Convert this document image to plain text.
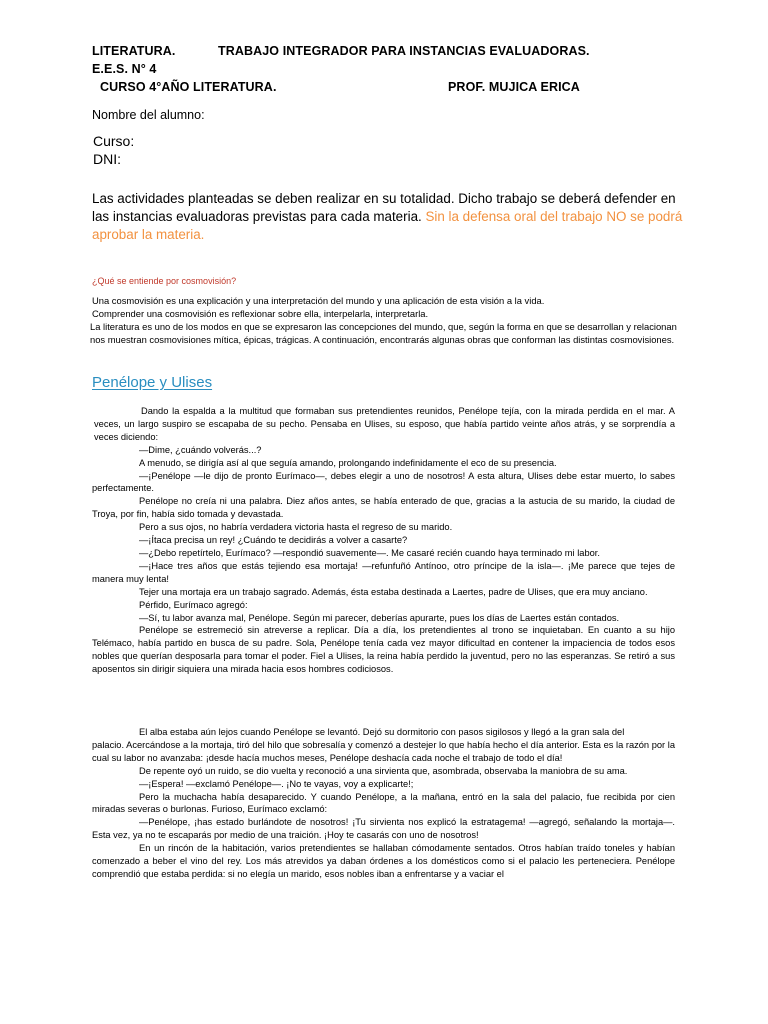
LITERATURA.	TRABAJO INTEGRADOR PARA INSTANCIAS EVALUADORAS.
E.E.S. N° 4
CURSO 4°AÑO LITERATURA.	PROF. MUJICA ERICA
Nombre del alumno:
Curso:
DNI:
Las actividades planteadas se deben realizar en su totalidad. Dicho trabajo se deberá defender en las instancias evaluadoras previstas para cada materia. Sin la defensa oral del trabajo NO se podrá aprobar la materia.
¿Qué se entiende por cosmovisión?

Una cosmovisión es una explicación y una interpretación del mundo y una aplicación de esta visión a la vida.

Comprender una cosmovisión es reflexionar sobre ella, interpelarla, interpretarla.

La literatura es uno de los modos en que se expresaron las concepciones del mundo, que, según la forma en que se desarrollan y relacionan nos muestran cosmovisiones mítica, épicas, trágicas. A continuación, encontrarás algunas obras que conforman las distintas cosmovisiones.

Penélope y Ulises

Dando la espalda a la multitud que formaban sus pretendientes reunidos, Penélope tejía, con la mirada perdida en el mar. A veces, un largo suspiro se escapaba de su pecho. Pensaba en Ulises, su esposo, que había partido veinte años atrás, y se sorprendía a veces diciendo:

—Dime, ¿cuándo volverás...?

A menudo, se dirigía así al que seguía amando, prolongando indefinidamente el eco de su presencia.

—¡Penélope —le dijo de pronto Eurímaco—, debes elegir a uno de nosotros! A esta altura, Ulises debe estar muerto, lo sabes perfectamente.

Penélope no creía ni una palabra. Diez años antes, se había enterado de que, gracias a la astucia de su marido, la ciudad de Troya, por fin, había sido tomada y devastada.

Pero a sus ojos, no habría verdadera victoria hasta el regreso de su marido.

—¡Ítaca precisa un rey! ¿Cuándo te decidirás a volver a casarte?

—¿Debo repetírtelo, Eurímaco? —respondió suavemente—. Me casaré recién cuando haya terminado mi labor.

—¡Hace tres años que estás tejiendo esa mortaja! —refunfuñó Antínoo, otro príncipe de la isla—. ¡Me parece que tejes de manera muy lenta!

Tejer una mortaja era un trabajo sagrado. Además, ésta estaba destinada a Laertes, padre de Ulises, que era muy anciano.

Pérfido, Eurímaco agregó:

—Sí, tu labor avanza mal, Penélope. Según mi parecer, deberías apurarte, pues los días de Laertes están contados.

Penélope se estremeció sin atreverse a replicar. Día a día, los pretendientes al trono se inquietaban. En cuanto a su hijo Telémaco, había partido en busca de su padre. Sola, Penélope tenía cada vez mayor dificultad en contener la impaciencia de todos esos nobles que querían desposarla para tomar el poder. Fiel a Ulises, la reina había perdido la juventud, pero no las esperanzas. Se retiró a sus aposentos sin dirigir siquiera una mirada hacia esos hombres codiciosos.

El alba estaba aún lejos cuando Penélope se levantó. Dejó su dormitorio con pasos sigilosos y llegó a la gran sala del

palacio. Acercándose a la mortaja, tiró del hilo que sobresalía y comenzó a destejer lo que había hecho el día anterior. Esta es la razón por la cual su labor no avanzaba: ¡desde hacía muchos meses, Penélope deshacía cada noche el trabajo de todo el día!

De repente oyó un ruido, se dio vuelta y reconoció a una sirvienta que, asombrada, observaba la maniobra de su ama.

—¡Espera! —exclamó Penélope—. ¡No te vayas, voy a explicarte!;

Pero la muchacha había desaparecido. Y cuando Penélope, a la mañana, entró en la sala del palacio, fue recibida por cien miradas severas o burlonas. Furioso, Eurímaco exclamó:

—Penélope, ¡has estado burlándote de nosotros! ¡Tu sirvienta nos explicó la estratagema! —agregó, señalando la mortaja—. Esta vez, ya no te escaparás por medio de una traición. ¡Hoy te casarás con uno de nosotros!

En un rincón de la habitación, varios pretendientes se hallaban cómodamente sentados. Otros habían traído toneles y habían comenzado a beber el vino del rey. Los más atrevidos ya daban órdenes a los domésticos como si el palacio les perteneciera. Penélope comprendió que estaba perdida: si no elegía un marido, esos nobles iban a enfrentarse y a vaciar el
